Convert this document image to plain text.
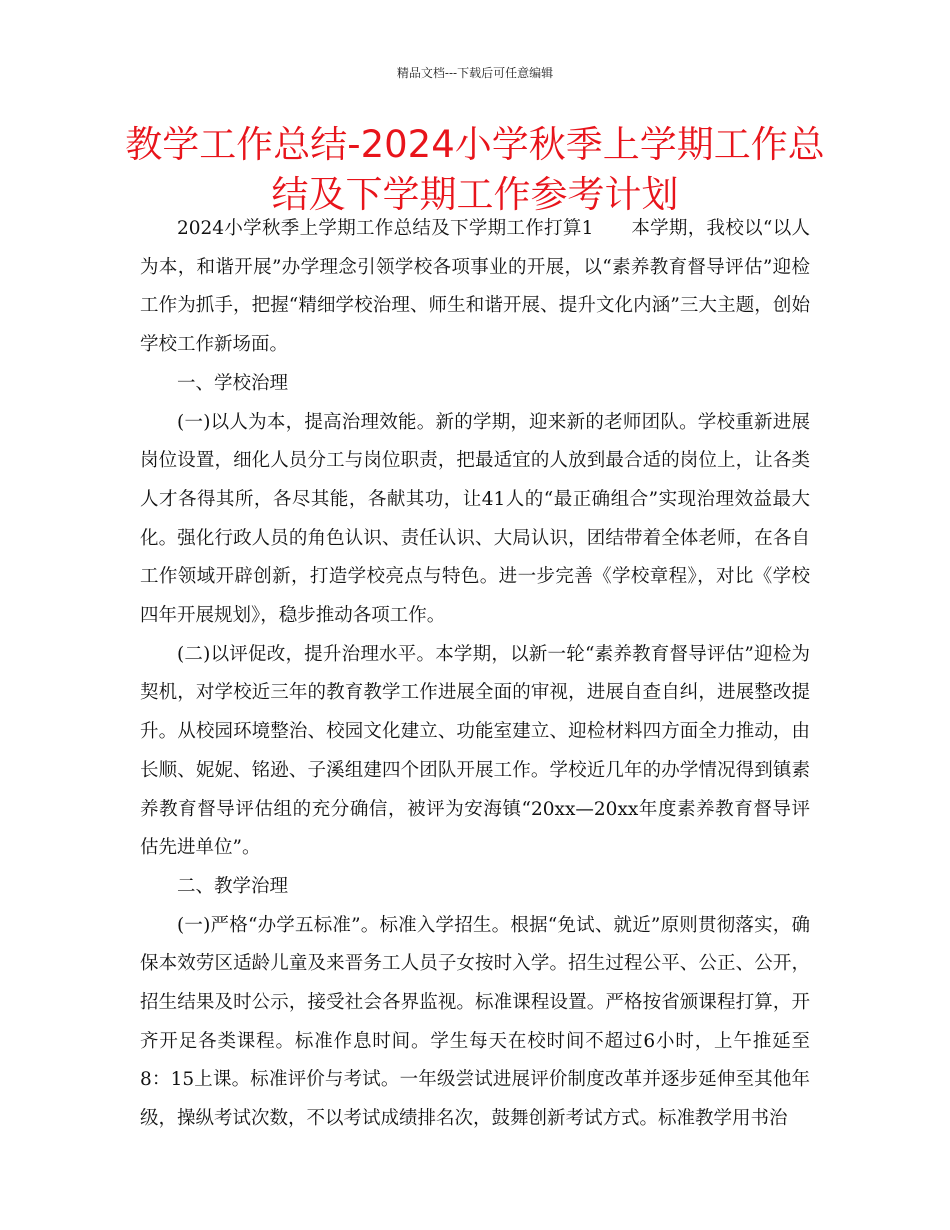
精品文档---下载后可任意编辑
教学工作总结-2024小学秋季上学期工作总结及下学期工作参考计划

2024小学秋季上学期工作总结及下学期工作打算1　　本学期，我校以“以人为本，和谐开展”办学理念引领学校各项事业的开展，以“素养教育督导评估”迎检工作为抓手，把握“精细学校治理、师生和谐开展、提升文化内涵”三大主题，创始学校工作新场面。

一、学校治理

(一)以人为本，提高治理效能。新的学期，迎来新的老师团队。学校重新进展岗位设置，细化人员分工与岗位职责，把最适宜的人放到最合适的岗位上，让各类人才各得其所，各尽其能，各献其功，让41人的“最正确组合”实现治理效益最大化。强化行政人员的角色认识、责任认识、大局认识，团结带着全体老师，在各自工作领域开辟创新，打造学校亮点与特色。进一步完善《学校章程》，对比《学校四年开展规划》，稳步推动各项工作。

(二)以评促改，提升治理水平。本学期，以新一轮“素养教育督导评估”迎检为契机，对学校近三年的教育教学工作进展全面的审视，进展自查自纠，进展整改提升。从校园环境整治、校园文化建立、功能室建立、迎检材料四方面全力推动，由长顺、妮妮、铭逊、子溪组建四个团队开展工作。学校近几年的办学情况得到镇素养教育督导评估组的充分确信，被评为安海镇“20xx—20xx年度素养教育督导评估先进单位”。

二、教学治理

(一)严格“办学五标准”。标准入学招生。根据“免试、就近”原则贯彻落实，确保本效劳区适龄儿童及来晋务工人员子女按时入学。招生过程公平、公正、公开，招生结果及时公示，接受社会各界监视。标准课程设置。严格按省颁课程打算，开齐开足各类课程。标准作息时间。学生每天在校时间不超过6小时，上午推延至8：15上课。标准评价与考试。一年级尝试进展评价制度改革并逐步延伸至其他年级，操纵考试次数，不以考试成绩排名次，鼓舞创新考试方式。标准教学用书治
